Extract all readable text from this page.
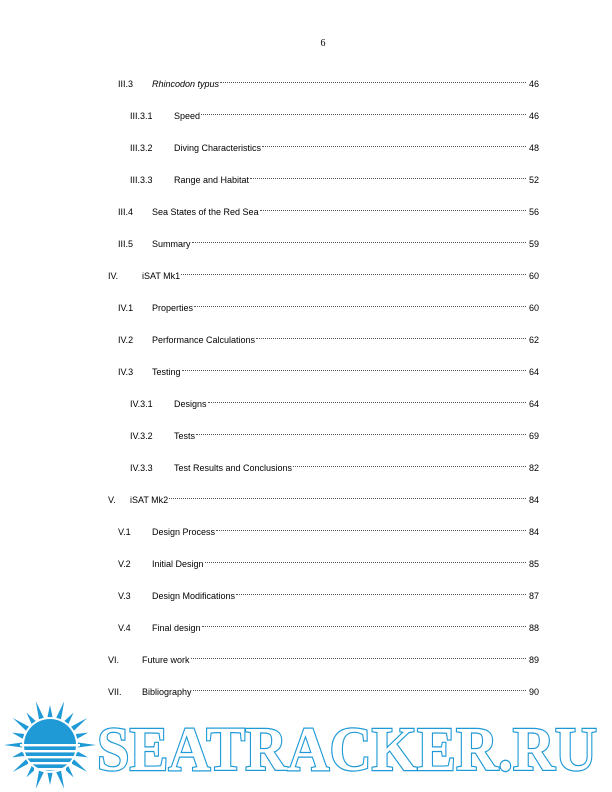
6
III.3	Rhincodon typus	46
III.3.1	Speed	46
III.3.2	Diving Characteristics	48
III.3.3	Range and Habitat	52
III.4	Sea States of the Red Sea	56
III.5	Summary	59
IV.	iSAT Mk1	60
IV.1	Properties	60
IV.2	Performance Calculations	62
IV.3	Testing	64
IV.3.1	Designs	64
IV.3.2	Tests	69
IV.3.3	Test Results and Conclusions	82
V.	iSAT Mk2	84
V.1	Design Process	84
V.2	Initial Design	85
V.3	Design Modifications	87
V.4	Final design	88
VI.	Future work	89
VII.	Bibliography	90
SEATRACKER.RU
